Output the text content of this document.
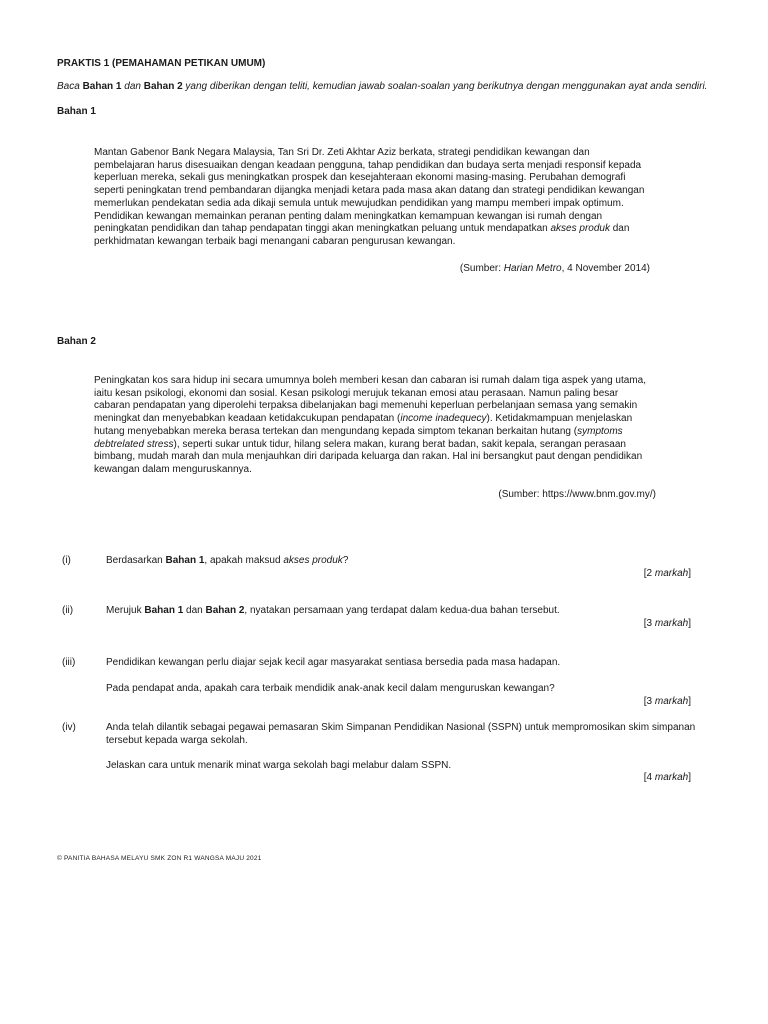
PRAKTIS 1 (PEMAHAMAN PETIKAN UMUM)
Baca Bahan 1 dan Bahan 2 yang diberikan dengan teliti, kemudian jawab soalan-soalan yang berikutnya dengan menggunakan ayat anda sendiri.
Bahan 1
Mantan Gabenor Bank Negara Malaysia, Tan Sri Dr. Zeti Akhtar Aziz berkata, strategi pendidikan kewangan dan
pembelajaran harus disesuaikan dengan keadaan pengguna, tahap pendidikan dan budaya serta menjadi responsif kepada
keperluan mereka, sekali gus meningkatkan prospek dan kesejahteraan ekonomi masing-masing. Perubahan demografi
seperti peningkatan trend pembandaran dijangka menjadi ketara pada masa akan datang dan strategi pendidikan kewangan
memerlukan pendekatan sedia ada dikaji semula untuk mewujudkan pendidikan yang mampu memberi impak optimum.
Pendidikan kewangan memainkan peranan penting dalam meningkatkan kemampuan kewangan isi rumah dengan
peningkatan pendidikan dan tahap pendapatan tinggi akan meningkatkan peluang untuk mendapatkan akses produk dan
perkhidmatan kewangan terbaik bagi menangani cabaran pengurusan kewangan.
(Sumber: Harian Metro, 4 November 2014)
Bahan 2
Peningkatan kos sara hidup ini secara umumnya boleh memberi kesan dan cabaran isi rumah dalam tiga aspek yang utama,
iaitu kesan psikologi, ekonomi dan sosial. Kesan psikologi merujuk tekanan emosi atau perasaan. Namun paling besar
cabaran pendapatan yang diperolehi terpaksa dibelanjakan bagi memenuhi keperluan perbelanjaan semasa yang semakin
meningkat dan menyebabkan keadaan ketidakcukupan pendapatan (income inadequecy). Ketidakmampuan menjelaskan
hutang menyebabkan mereka berasa tertekan dan mengundang kepada simptom tekanan berkaitan hutang (symptoms
debtrelated stress), seperti sukar untuk tidur, hilang selera makan, kurang berat badan, sakit kepala, serangan perasaan
bimbang, mudah marah dan mula menjauhkan diri daripada keluarga dan rakan. Hal ini bersangkut paut dengan pendidikan
kewangan dalam menguruskannya.
(Sumber: https://www.bnm.gov.my/)
(i)	Berdasarkan Bahan 1, apakah maksud akses produk?
[2 markah]
(ii)	Merujuk Bahan 1 dan Bahan 2, nyatakan persamaan yang terdapat dalam kedua-dua bahan tersebut.
[3 markah]
(iii)	Pendidikan kewangan perlu diajar sejak kecil agar masyarakat sentiasa bersedia pada masa hadapan.
Pada pendapat anda, apakah cara terbaik mendidik anak-anak kecil dalam menguruskan kewangan?
[3 markah]
(iv)	Anda telah dilantik sebagai pegawai pemasaran Skim Simpanan Pendidikan Nasional (SSPN) untuk mempromosikan skim simpanan
tersebut kepada warga sekolah.
Jelaskan cara untuk menarik minat warga sekolah bagi melabur dalam SSPN.
[4 markah]
© PANITIA BAHASA MELAYU SMK ZON R1 WANGSA MAJU 2021
